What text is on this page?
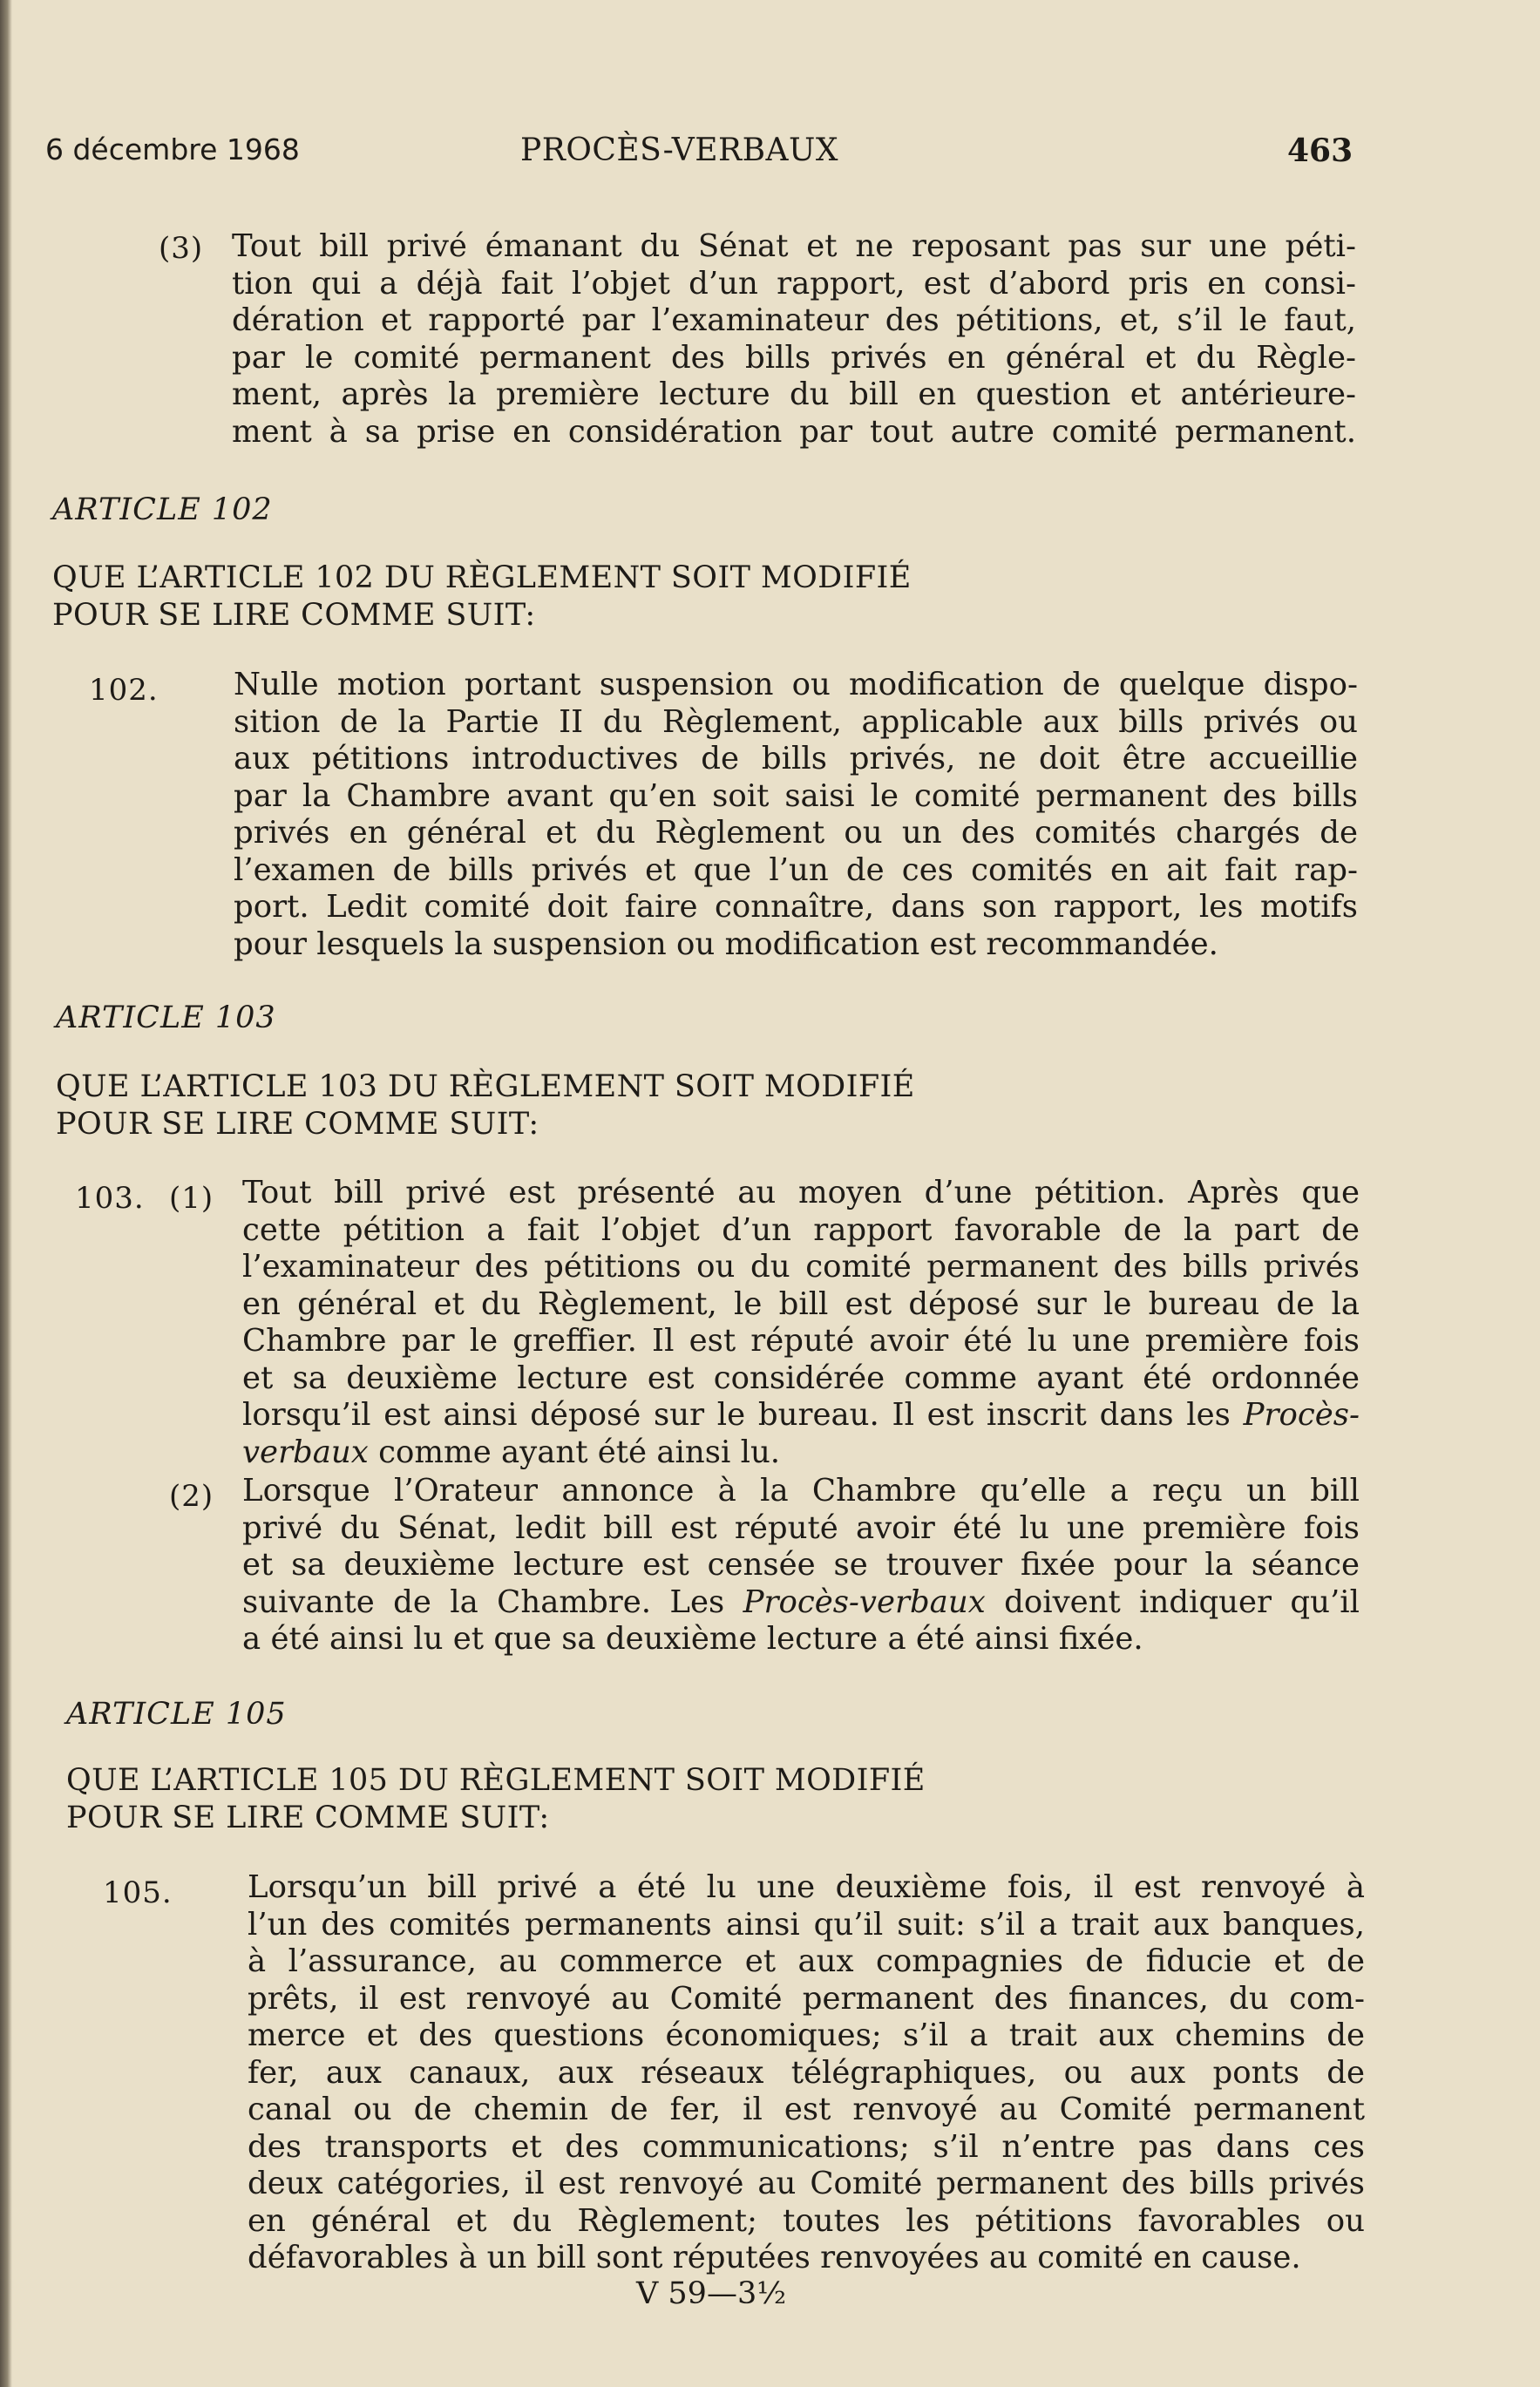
6 décembre 1968	PROCÈS-VERBAUX	463
(3) Tout bill privé émanant du Sénat et ne reposant pas sur une péti-
tion qui a déjà fait l’objet d’un rapport, est d’abord pris en consi-
dération et rapporté par l’examinateur des pétitions, et, s’il le faut,
par le comité permanent des bills privés en général et du Règle-
ment, après la première lecture du bill en question et antérieure-
ment à sa prise en considération par tout autre comité permanent.
ARTICLE 102
QUE L’ARTICLE 102 DU RÈGLEMENT SOIT MODIFIÉ
POUR SE LIRE COMME SUIT:
102. Nulle motion portant suspension ou modification de quelque dispo-
sition de la Partie II du Règlement, applicable aux bills privés ou
aux pétitions introductives de bills privés, ne doit être accueillie
par la Chambre avant qu’en soit saisi le comité permanent des bills
privés en général et du Règlement ou un des comités chargés de
l’examen de bills privés et que l’un de ces comités en ait fait rap-
port. Ledit comité doit faire connaître, dans son rapport, les motifs
pour lesquels la suspension ou modification est recommandée.
ARTICLE 103
QUE L’ARTICLE 103 DU RÈGLEMENT SOIT MODIFIÉ
POUR SE LIRE COMME SUIT:
103. (1) Tout bill privé est présenté au moyen d’une pétition. Après que
cette pétition a fait l’objet d’un rapport favorable de la part de
l’examinateur des pétitions ou du comité permanent des bills privés
en général et du Règlement, le bill est déposé sur le bureau de la
Chambre par le greffier. Il est réputé avoir été lu une première fois
et sa deuxième lecture est considérée comme ayant été ordonnée
lorsqu’il est ainsi déposé sur le bureau. Il est inscrit dans les Procès-
verbaux comme ayant été ainsi lu.
(2) Lorsque l’Orateur annonce à la Chambre qu’elle a reçu un bill
privé du Sénat, ledit bill est réputé avoir été lu une première fois
et sa deuxième lecture est censée se trouver fixée pour la séance
suivante de la Chambre. Les Procès-verbaux doivent indiquer qu’il
a été ainsi lu et que sa deuxième lecture a été ainsi fixée.
ARTICLE 105
QUE L’ARTICLE 105 DU RÈGLEMENT SOIT MODIFIÉ
POUR SE LIRE COMME SUIT:
105. Lorsqu’un bill privé a été lu une deuxième fois, il est renvoyé à
l’un des comités permanents ainsi qu’il suit: s’il a trait aux banques,
à l’assurance, au commerce et aux compagnies de fiducie et de
prêts, il est renvoyé au Comité permanent des finances, du com-
merce et des questions économiques; s’il a trait aux chemins de
fer, aux canaux, aux réseaux télégraphiques, ou aux ponts de
canal ou de chemin de fer, il est renvoyé au Comité permanent
des transports et des communications; s’il n’entre pas dans ces
deux catégories, il est renvoyé au Comité permanent des bills privés
en général et du Règlement; toutes les pétitions favorables ou
défavorables à un bill sont réputées renvoyées au comité en cause.
V 59—3½
